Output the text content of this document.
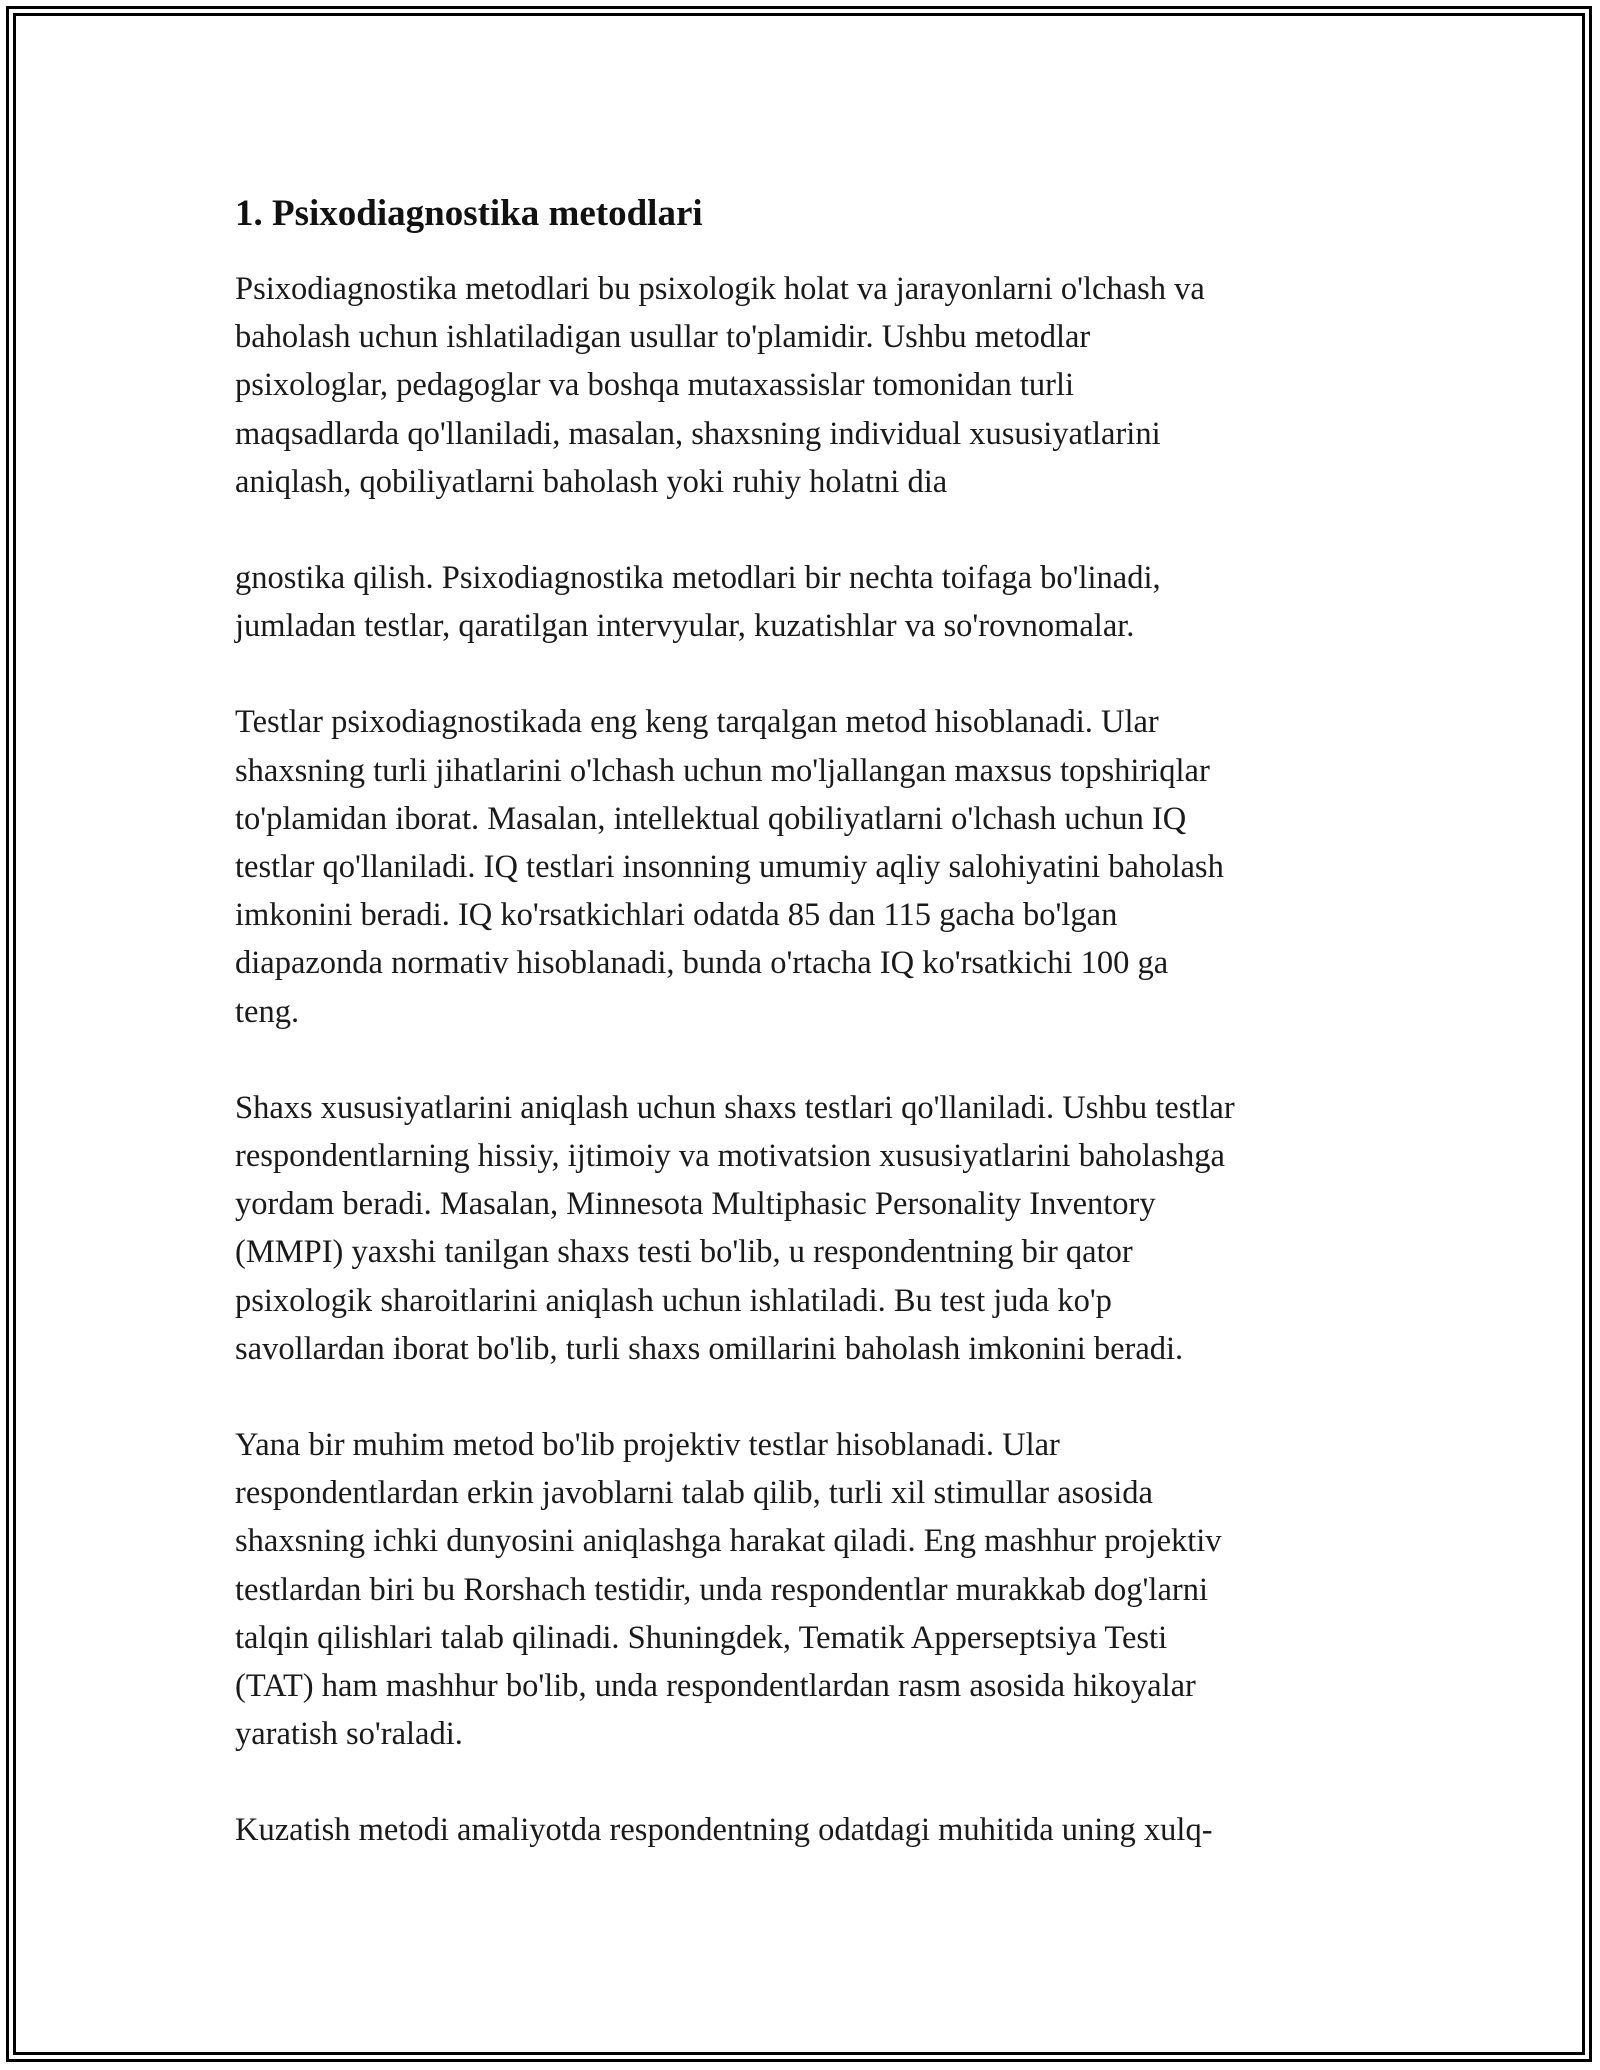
1. Psixodiagnostika metodlari

Psixodiagnostika metodlari bu psixologik holat va jarayonlarni o'lchash va
baholash uchun ishlatiladigan usullar to'plamidir. Ushbu metodlar
psixologlar, pedagoglar va boshqa mutaxassislar tomonidan turli
maqsadlarda qo'llaniladi, masalan, shaxsning individual xususiyatlarini
aniqlash, qobiliyatlarni baholash yoki ruhiy holatni dia

gnostika qilish. Psixodiagnostika metodlari bir nechta toifaga bo'linadi,
jumladan testlar, qaratilgan intervyular, kuzatishlar va so'rovnomalar.

Testlar psixodiagnostikada eng keng tarqalgan metod hisoblanadi. Ular
shaxsning turli jihatlarini o'lchash uchun mo'ljallangan maxsus topshiriqlar
to'plamidan iborat. Masalan, intellektual qobiliyatlarni o'lchash uchun IQ
testlar qo'llaniladi. IQ testlari insonning umumiy aqliy salohiyatini baholash
imkonini beradi. IQ ko'rsatkichlari odatda 85 dan 115 gacha bo'lgan
diapazonda normativ hisoblanadi, bunda o'rtacha IQ ko'rsatkichi 100 ga
teng.

Shaxs xususiyatlarini aniqlash uchun shaxs testlari qo'llaniladi. Ushbu testlar
respondentlarning hissiy, ijtimoiy va motivatsion xususiyatlarini baholashga
yordam beradi. Masalan, Minnesota Multiphasic Personality Inventory
(MMPI) yaxshi tanilgan shaxs testi bo'lib, u respondentning bir qator
psixologik sharoitlarini aniqlash uchun ishlatiladi. Bu test juda ko'p
savollardan iborat bo'lib, turli shaxs omillarini baholash imkonini beradi.

Yana bir muhim metod bo'lib projektiv testlar hisoblanadi. Ular
respondentlardan erkin javoblarni talab qilib, turli xil stimullar asosida
shaxsning ichki dunyosini aniqlashga harakat qiladi. Eng mashhur projektiv
testlardan biri bu Rorshach testidir, unda respondentlar murakkab dog'larni
talqin qilishlari talab qilinadi. Shuningdek, Tematik Apperseptsiya Testi
(TAT) ham mashhur bo'lib, unda respondentlardan rasm asosida hikoyalar
yaratish so'raladi.

Kuzatish metodi amaliyotda respondentning odatdagi muhitida uning xulq-
